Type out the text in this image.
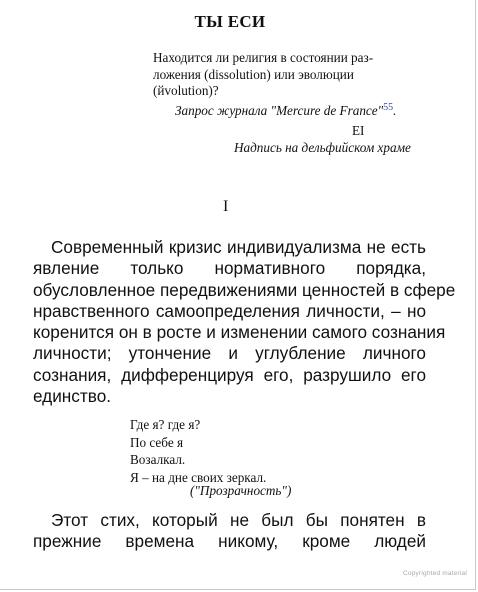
ТЫ ЕСИ
Находится ли религия в состоянии раз-
ложения (dissolution) или эволюции
(йvolution)?
Запрос журнала "Mercure de France"$^{55}$.
ЕI
Надпись на дельфийском храме
I
Современный кризис индивидуализма не есть
явление только нормативного порядка,
обусловленное передвижениями ценностей в сфере
нравственного самоопределения личности, – но
коренится он в росте и изменении самого сознания
личности; утончение и углубление личного
сознания, дифференцируя его, разрушило его
единство.
Где я? где я?
По себе я
Возалкал.
Я – на дне своих зеркал.
("Прозрачность")
Этот стих, который не был бы понятен в
прежние времена никому, кроме людей
Copyrighted material
